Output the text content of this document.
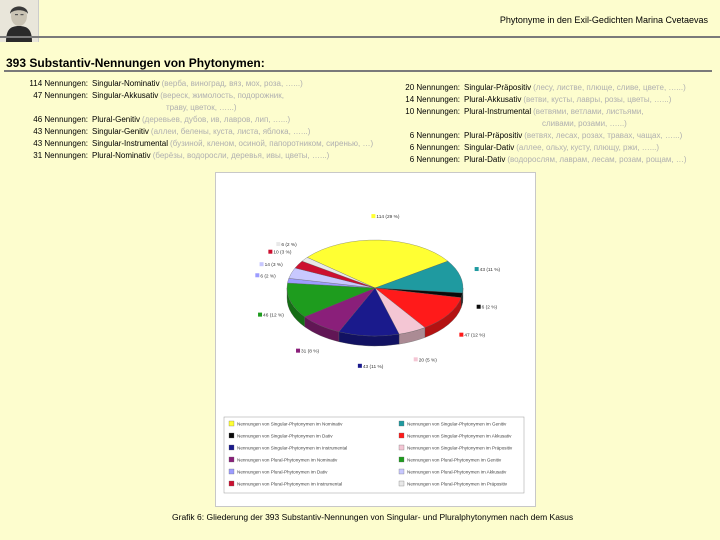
Phytonyme in den Exil-Gedichten Marina Cvetaevas
393 Substantiv-Nennungen von Phytonymen:
114 Nennungen: Singular-Nominativ (верба, виноград, вяз, мох, роза, …...)
47 Nennungen: Singular-Akkusativ (вереск, жимолость, подорожник,
траву, цветок, …...)
46 Nennungen: Plural-Genitiv (деревьев, дубов, ив, лавров, лип, …...)
43 Nennungen: Singular-Genitiv (аллеи, белены, куста, листа, яблока, …...)
43 Nennungen: Singular-Instrumental (бузиной, кленом, осиной, папоротником, сиренью, …)
31 Nennungen: Plural-Nominativ (берёзы, водоросли, деревья, ивы, цветы, …...)
20 Nennungen: Singular-Präpositiv (лесу, листве, плюще, сливе, цвете, …...)
14 Nennungen: Plural-Akkusativ (ветви, кусты, лавры, розы, цветы, …...)
10 Nennungen: Plural-Instrumental (ветвями, ветлами, листьями,
сливами, розами, …...)
6 Nennungen: Plural-Präpositiv (ветвях, лесах, розах, травах, чащах, …...)
6 Nennungen: Singular-Dativ (аллее, ольху, кусту, плющу, ржи, …...)
6 Nennungen: Plural-Dativ (водорослям, лаврам, лесам, розам, рощам, …)
114 (29 %)
43 (11 %)
6 (2 %)
47 (12 %)
20 (5 %)
43 (11 %)
31 (8 %)
46 (12 %)
6 (2 %)
14 (3 %)
10 (3 %)
6 (2 %)
Nennungen von Singular-Phytonymen im Nominativ	Nennungen von Singular-Phytonymen im Genitiv
Nennungen von Singular-Phytonymen im Dativ	Nennungen von Singular-Phytonymen im Akkusativ
Nennungen von Singular-Phytonymen im Instrumental	Nennungen von Singular-Phytonymen im Präpositiv
Nennungen von Plural-Phytonymen im Nominativ	Nennungen von Plural-Phytonymen im Genitiv
Nennungen von Plural-Phytonymen im Dativ	Nennungen von Plural-Phytonymen im Akkusativ
Nennungen von Plural-Phytonymen im Instrumental	Nennungen von Plural-Phytonymen im Präpositiv
Grafik 6: Gliederung der 393 Substantiv-Nennungen von Singular- und Pluralphytonymen nach dem Kasus
